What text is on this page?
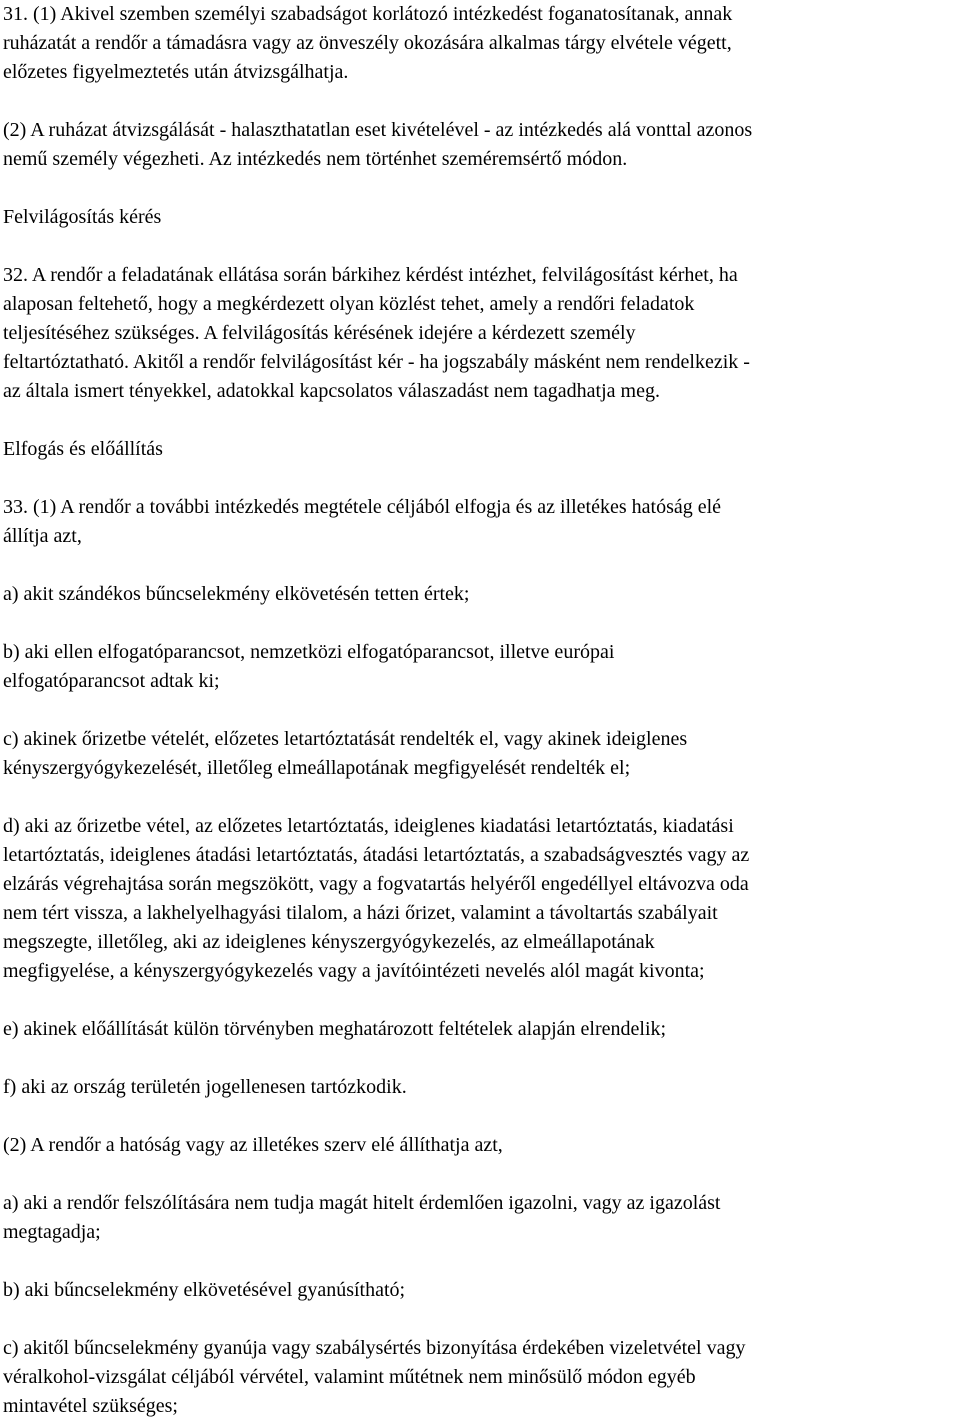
31. (1) Akivel szemben személyi szabadságot korlátozó intézkedést foganatosítanak, annak
ruházatát a rendőr a támadásra vagy az önveszély okozására alkalmas tárgy elvétele végett,
előzetes figyelmeztetés után átvizsgálhatja.

(2) A ruházat átvizsgálását - halaszthatatlan eset kivételével - az intézkedés alá vonttal azonos
nemű személy végezheti. Az intézkedés nem történhet szeméremsértő módon.

Felvilágosítás kérés

32. A rendőr a feladatának ellátása során bárkihez kérdést intézhet, felvilágosítást kérhet, ha
alaposan feltehető, hogy a megkérdezett olyan közlést tehet, amely a rendőri feladatok
teljesítéséhez szükséges. A felvilágosítás kérésének idejére a kérdezett személy
feltartóztatható. Akitől a rendőr felvilágosítást kér - ha jogszabály másként nem rendelkezik -
az általa ismert tényekkel, adatokkal kapcsolatos válaszadást nem tagadhatja meg.

Elfogás és előállítás

33. (1) A rendőr a további intézkedés megtétele céljából elfogja és az illetékes hatóság elé
állítja azt,

a) akit szándékos bűncselekmény elkövetésén tetten értek;

b) aki ellen elfogatóparancsot, nemzetközi elfogatóparancsot, illetve európai
elfogatóparancsot adtak ki;

c) akinek őrizetbe vételét, előzetes letartóztatását rendelték el, vagy akinek ideiglenes
kényszergyógykezelését, illetőleg elmeállapotának megfigyelését rendelték el;

d) aki az őrizetbe vétel, az előzetes letartóztatás, ideiglenes kiadatási letartóztatás, kiadatási
letartóztatás, ideiglenes átadási letartóztatás, átadási letartóztatás, a szabadságvesztés vagy az
elzárás végrehajtása során megszökött, vagy a fogvatartás helyéről engedéllyel eltávozva oda
nem tért vissza, a lakhelyelhagyási tilalom, a házi őrizet, valamint a távoltartás szabályait
megszegte, illetőleg, aki az ideiglenes kényszergyógykezelés, az elmeállapotának
megfigyelése, a kényszergyógykezelés vagy a javítóintézeti nevelés alól magát kivonta;

e) akinek előállítását külön törvényben meghatározott feltételek alapján elrendelik;

f) aki az ország területén jogellenesen tartózkodik.

(2) A rendőr a hatóság vagy az illetékes szerv elé állíthatja azt,

a) aki a rendőr felszólítására nem tudja magát hitelt érdemlően igazolni, vagy az igazolást
megtagadja;

b) aki bűncselekmény elkövetésével gyanúsítható;

c) akitől bűncselekmény gyanúja vagy szabálysértés bizonyítása érdekében vizeletvétel vagy
véralkohol-vizsgálat céljából vérvétel, valamint műtétnek nem minősülő módon egyéb
mintavétel szükséges;
